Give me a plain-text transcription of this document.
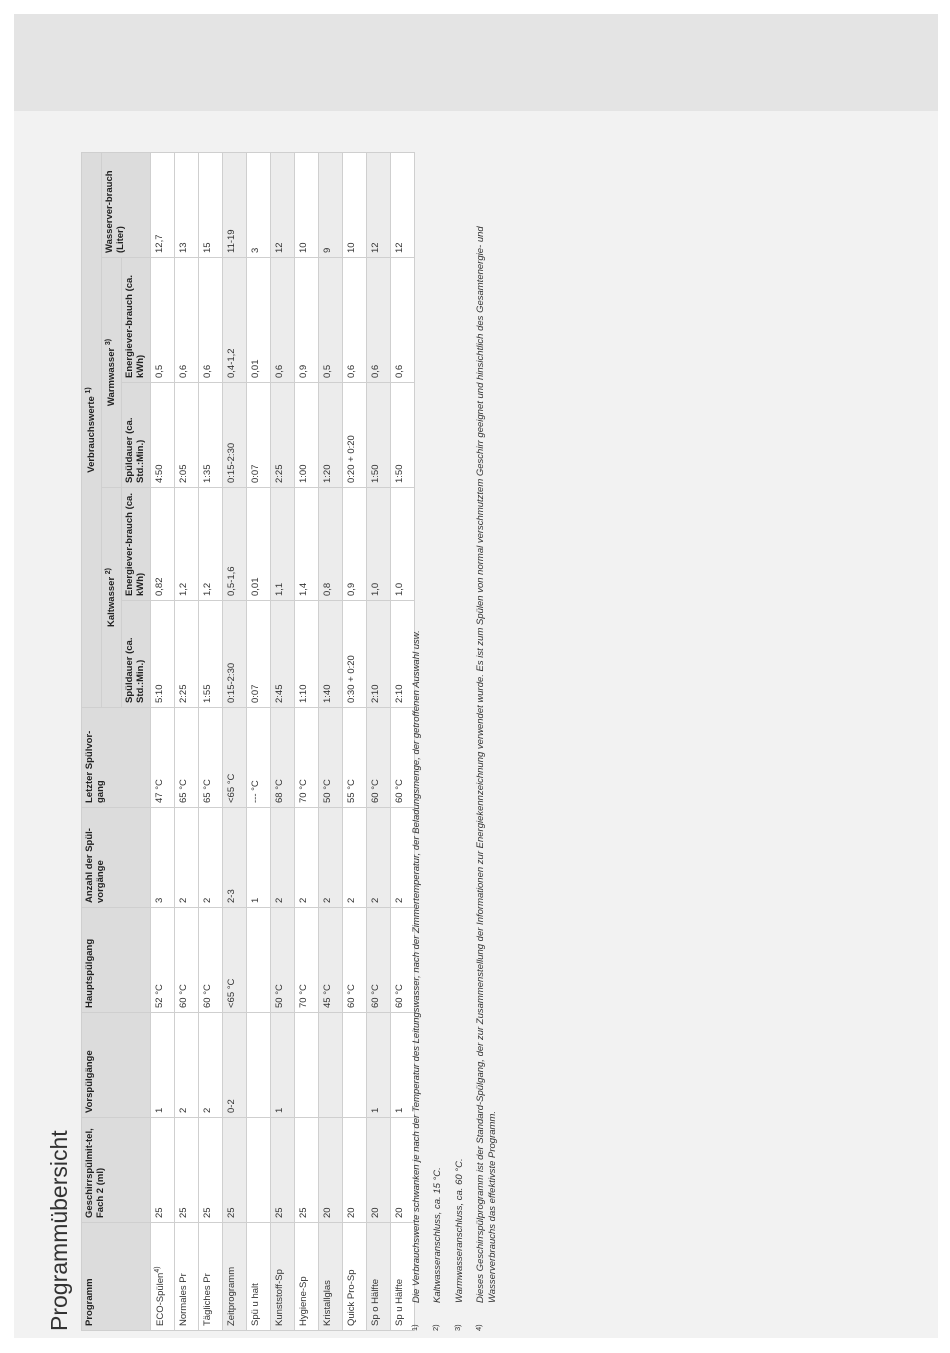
Programmübersicht Programm	Geschirrspülmit-tel, Fach 2 (ml)	Vorspülgänge	Hauptspülgang	Anzahl der Spül-vorgänge	Letzter Spülvor-gang	Verbrauchswerte $^{1)}$
						Kaltwasser $^{2)}$		Warmwasser $^{3)}$		Wasserver-brauch (Liter)
						Spüldauer (ca. Std.:Min.)	Energiever-brauch (ca. kWh)	Spüldauer (ca. Std.:Min.)	Energiever-brauch (ca. kWh)	
ECO-Spülen$^{4)}$	25	1	52 °C	3	47 °C	5:10	0,82	4:50	0,5	12,7
Normales Pr	25	2	60 °C	2	65 °C	2:25	1,2	2:05	0,6	13
Tägliches Pr	25	2	60 °C	2	65 °C	1:55	1,2	1:35	0,6	15
Zeitprogramm	25	0-2	<65 °C	2-3	<65 °C	0:15-2:30	0,5-1,6	0:15-2:30	0,4-1,2	11-19
Spü u halt				1	--- °C	0:07	0,01	0:07	0,01	3
Kunststoff-Sp	25	1	50 °C	2	68 °C	2:45	1,1	2:25	0,6	12
Hygiene-Sp	25		70 °C	2	70 °C	1:10	1,4	1:00	0,9	10
Kristallglas	20		45 °C	2	50 °C	1:40	0,8	1:20	0,5	9
Quick Pro-Sp	20		60 °C	2	55 °C	0:30 + 0:20	0,9	0:20 + 0:20	0,6	10
Sp o Hälfte	20	1	60 °C	2	60 °C	2:10	1,0	1:50	0,6	12
Sp u Hälfte	20	1	60 °C	2	60 °C	2:10	1,0	1:50	0,6	12
1)
Die Verbrauchswerte schwanken je nach der Temperatur des Leitungswasser, nach der Zimmertemperatur, der Beladungsmenge, der getroffenen Auswahl usw.
2)
Kaltwasseranschluss, ca. 15 °C.
3)
Warmwasseranschluss, ca. 60 °C.
4)
Dieses Geschirrspülprogramm ist der Standard-Spülgang, der zur Zusammenstellung der Informationen zur Energiekennzeichnung verwendet wurde. Es ist zum Spülen von normal verschmutztem Geschirr geeignet und hinsichtlich des Gesamtenergie- und Wasserverbrauchs das effektivste Programm.
